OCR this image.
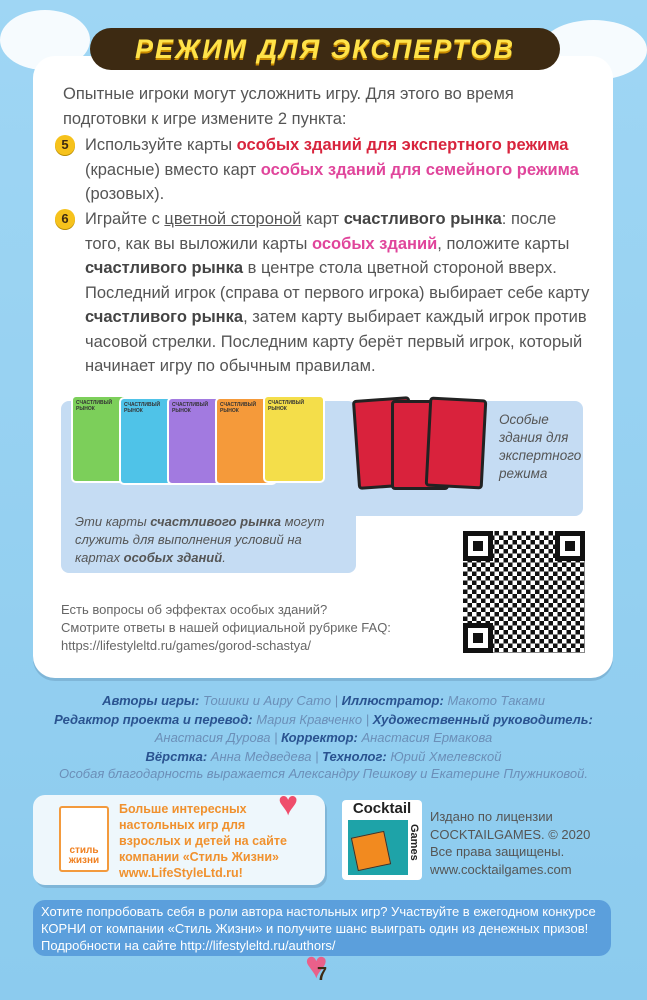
РЕЖИМ ДЛЯ ЭКСПЕРТОВ
Опытные игроки могут усложнить игру. Для этого во время подготовки к игре измените 2 пункта:
5 Используйте карты особых зданий для экспертного режима (красные) вместо карт особых зданий для семейного режима (розовых).
6 Играйте с цветной стороной карт счастливого рынка: после того, как вы выложили карты особых зданий, положите карты счастливого рынка в центре стола цветной стороной вверх. Последний игрок (справа от первого игрока) выбирает себе карту счастливого рынка, затем карту выбирает каждый игрок против часовой стрелки. Последним карту берёт первый игрок, который начинает игру по обычным правилам.
СЧАСТЛИВЫЙ РЫНОК
СЧАСТЛИВЫЙ РЫНОК
СЧАСТЛИВЫЙ РЫНОК
СЧАСТЛИВЫЙ РЫНОК
СЧАСТЛИВЫЙ РЫНОК
Эти карты счастливого рынка могут служить для выполнения условий на картах особых зданий.
Особые здания для экспертного режима
Есть вопросы об эффектах особых зданий?
Смотрите ответы в нашей официальной рубрике FAQ:
https://lifestyleltd.ru/games/gorod-schastya/
Авторы игры: Тошики и Аиру Сато | Иллюстратор: Макото Таками
Редактор проекта и перевод: Мария Кравченко | Художественный руководитель:
Анастасия Дурова | Корректор: Анастасия Ермакова
Вёрстка: Анна Медведева | Технолог: Юрий Хмелевской
Особая благодарность выражается Александру Пешкову и Екатерине Плужниковой.
стиль жизни
Больше интересных
настольных игр для
взрослых и детей на сайте
компании «Стиль Жизни»
www.LifeStyleLtd.ru!
♥	Cocktail
Games
Издано по лицензии
COCKTAILGAMES. © 2020
Все права защищены.
www.cocktailgames.com
Хотите попробовать себя в роли автора настольных игр? Участвуйте в ежегодном конкурсе КОРНИ от компании «Стиль Жизни» и получите шанс выиграть один из денежных призов! Подробности на сайте http://lifestyleltd.ru/authors/
♥ 7
